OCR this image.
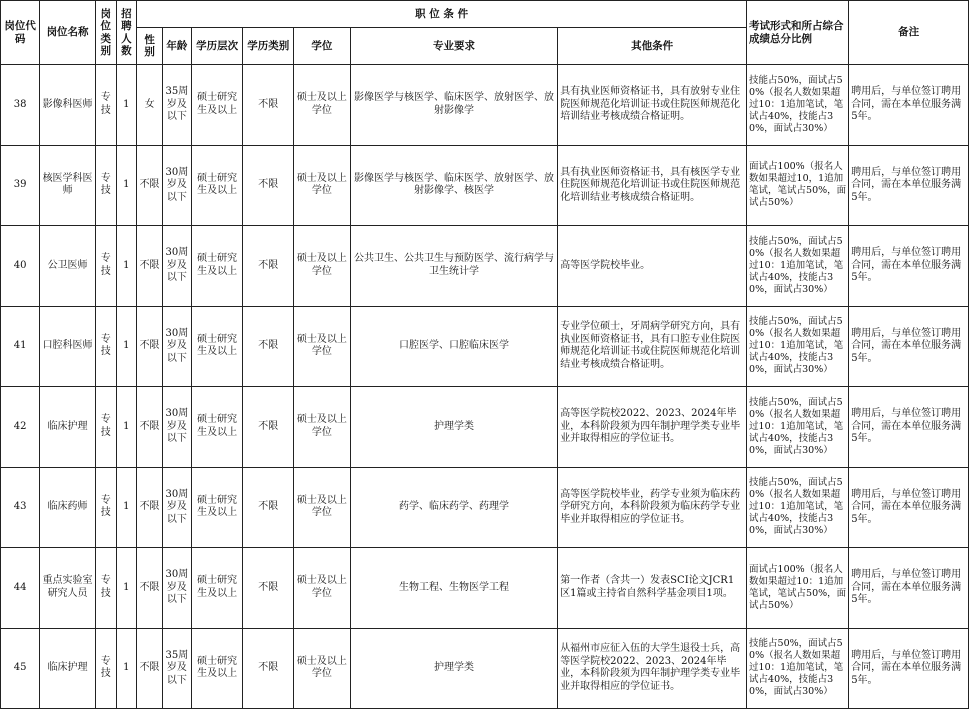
岗位代码	岗位名称	岗位类别	招聘人数	职 位 条 件							考试形式和所占综合成绩总分比例	备注
				性别	年龄	学历层次	学历类别	学位	专业要求	其他条件		
38	影像科医师	专技	1	女	35周岁及以下	硕士研究生及以上	不限	硕士及以上学位	影像医学与核医学、临床医学、放射医学、放射影像学	具有执业医师资格证书，具有放射专业住院医师规范化培训证书或住院医师规范化培训结业考核成绩合格证明。	技能占50%，面试占50%（报名人数如果超过10：1追加笔试，笔试占40%，技能占30%，面试占30%）	聘用后，与单位签订聘用合同，需在本单位服务满5年。
39	核医学科医师	专技	1	不限	30周岁及以下	硕士研究生及以上	不限	硕士及以上学位	影像医学与核医学、临床医学、放射医学、放射影像学、核医学	具有执业医师资格证书，具有核医学专业住院医师规范化培训证书或住院医师规范化培训结业考核成绩合格证明。	面试占100%（报名人数如果超过10，1追加笔试，笔试占50%，面试占50%）	聘用后，与单位签订聘用合同，需在本单位服务满5年。
40	公卫医师	专技	1	不限	30周岁及以下	硕士研究生及以上	不限	硕士及以上学位	公共卫生、公共卫生与预防医学、流行病学与卫生统计学	高等医学院校毕业。	技能占50%，面试占50%（报名人数如果超过10：1追加笔试，笔试占40%，技能占30%，面试占30%）	聘用后，与单位签订聘用合同，需在本单位服务满5年。
41	口腔科医师	专技	1	不限	30周岁及以下	硕士研究生及以上	不限	硕士及以上学位	口腔医学、口腔临床医学	专业学位硕士，牙周病学研究方向，具有执业医师资格证书，具有口腔专业住院医师规范化培训证书或住院医师规范化培训结业考核成绩合格证明。	技能占50%，面试占50%（报名人数如果超过10：1追加笔试，笔试占40%，技能占30%，面试占30%）	聘用后，与单位签订聘用合同，需在本单位服务满5年。
42	临床护理	专技	1	不限	30周岁及以下	硕士研究生及以上	不限	硕士及以上学位	护理学类	高等医学院校2022、2023、2024年毕业，本科阶段须为四年制护理学类专业毕业并取得相应的学位证书。	技能占50%，面试占50%（报名人数如果超过10：1追加笔试，笔试占40%，技能占30%，面试占30%）	聘用后，与单位签订聘用合同，需在本单位服务满5年。
43	临床药师	专技	1	不限	30周岁及以下	硕士研究生及以上	不限	硕士及以上学位	药学、临床药学、药理学	高等医学院校毕业，药学专业须为临床药学研究方向，本科阶段须为临床药学专业毕业并取得相应的学位证书。	技能占50%，面试占50%（报名人数如果超过10：1追加笔试，笔试占40%，技能占30%，面试占30%）	聘用后，与单位签订聘用合同，需在本单位服务满5年。
44	重点实验室研究人员	专技	1	不限	30周岁及以下	硕士研究生及以上	不限	硕士及以上学位	生物工程、生物医学工程	第一作者（含共一）发表SCI论文JCR1区1篇或主持省自然科学基金项目1项。	面试占100%（报名人数如果超过10：1追加笔试，笔试占50%，面试占50%）	聘用后，与单位签订聘用合同，需在本单位服务满5年。
45	临床护理	专技	1	不限	35周岁及以下	硕士研究生及以上	不限	硕士及以上学位	护理学类	从福州市应征入伍的大学生退役士兵，高等医学院校2022、2023、2024年毕业，本科阶段须为四年制护理学类专业毕业并取得相应的学位证书。	技能占50%，面试占50%（报名人数如果超过10：1追加笔试，笔试占40%，技能占30%，面试占30%）	聘用后，与单位签订聘用合同，需在本单位服务满5年。
